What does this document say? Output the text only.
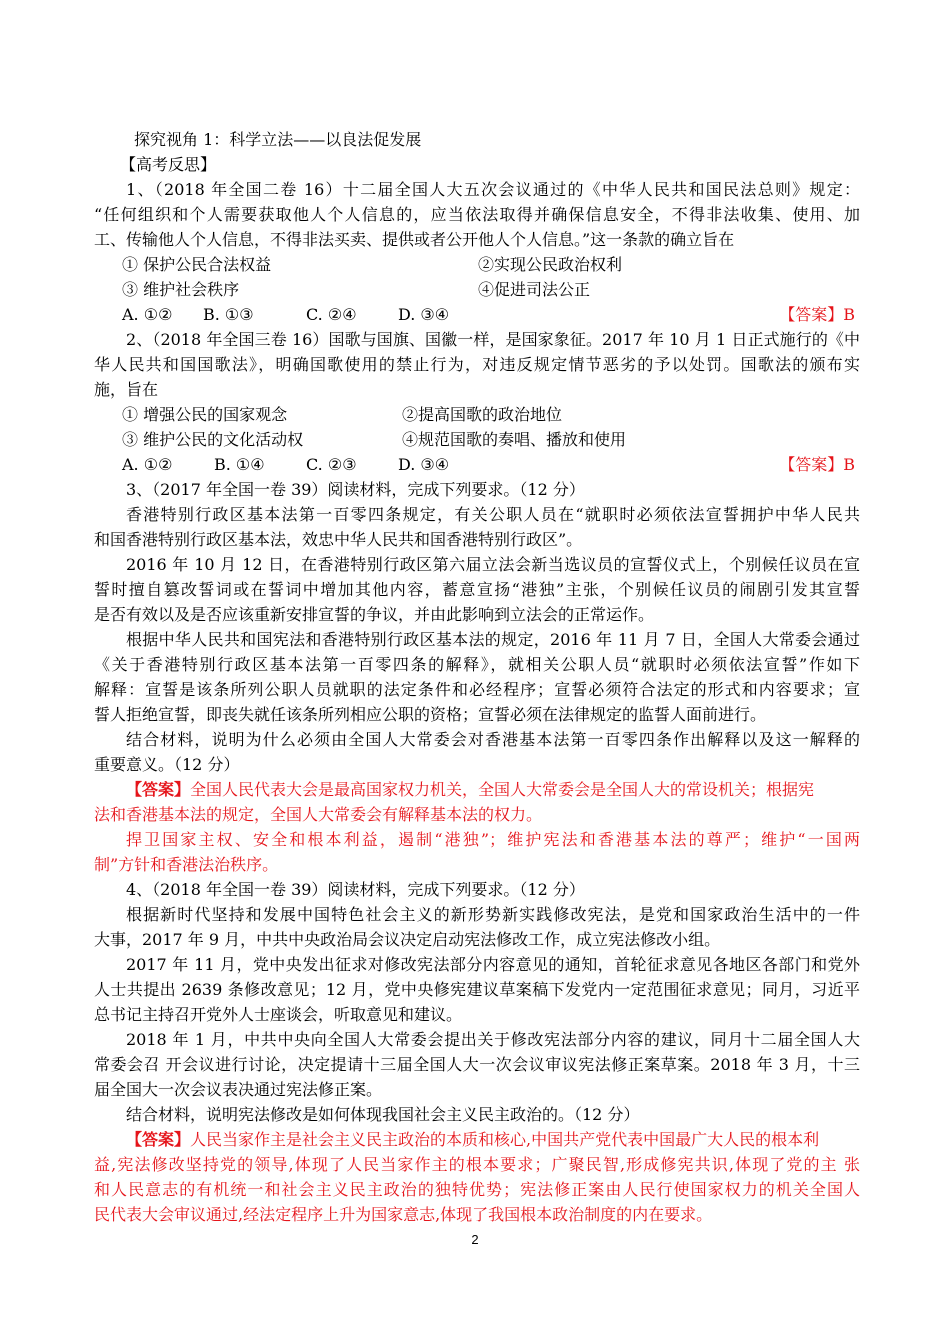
探究视角 1：科学立法——以良法促发展
【高考反思】
1、（2018 年全国二卷 16）十二届全国人大五次会议通过的《中华人民共和国民法总则》规定：
“任何组织和个人需要获取他人个人信息的，应当依法取得并确保信息安全，不得非法收集、使用、加
工、传输他人个人信息，不得非法买卖、提供或者公开他人个人信息。”这一条款的确立旨在
① 保护公民合法权益	②实现公民政治权利
③ 维护社会秩序	④促进司法公正
A. ①② B. ①③	C. ②④	D. ③④	【答案】B
2、（2018 年全国三卷 16）国歌与国旗、国徽一样，是国家象征。2017 年 10 月 1 日正式施行的《中
华人民共和国国歌法》，明确国歌使用的禁止行为，对违反规定情节恶劣的予以处罚。国歌法的颁布实
施，旨在
① 增强公民的国家观念	②提高国歌的政治地位
③ 维护公民的文化活动权	④规范国歌的奏唱、播放和使用
A. ①②	B. ①④	C. ②③	D. ③④	【答案】B
3、（2017 年全国一卷 39）阅读材料，完成下列要求。（12 分）
香港特别行政区基本法第一百零四条规定，有关公职人员在“就职时必须依法宣誓拥护中华人民共
和国香港特别行政区基本法，效忠中华人民共和国香港特别行政区”。
2016 年 10 月 12 日，在香港特别行政区第六届立法会新当选议员的宣誓仪式上，个别候任议员在宣
誓时擅自篡改誓词或在誓词中增加其他内容，蓄意宣扬“港独”主张，个别候任议员的闹剧引发其宣誓
是否有效以及是否应该重新安排宣誓的争议，并由此影响到立法会的正常运作。
根据中华人民共和国宪法和香港特别行政区基本法的规定，2016 年 11 月 7 日，全国人大常委会通过
《关于香港特别行政区基本法第一百零四条的解释》，就相关公职人员“就职时必须依法宣誓”作如下
解释：宣誓是该条所列公职人员就职的法定条件和必经程序；宣誓必须符合法定的形式和内容要求；宣
誓人拒绝宣誓，即丧失就任该条所列相应公职的资格；宣誓必须在法律规定的监誓人面前进行。
结合材料，说明为什么必须由全国人大常委会对香港基本法第一百零四条作出解释以及这一解释的
重要意义。（12 分）
【答案】全国人民代表大会是最高国家权力机关，全国人大常委会是全国人大的常设机关；根据宪
法和香港基本法的规定，全国人大常委会有解释基本法的权力。
捍卫国家主权、安全和根本利益，遏制“港独”；维护宪法和香港基本法的尊严；维护“一国两
制”方针和香港法治秩序。
4、（2018 年全国一卷 39）阅读材料，完成下列要求。（12 分）
根据新时代坚持和发展中国特色社会主义的新形势新实践修改宪法，是党和国家政治生活中的一件
大事，2017 年 9 月，中共中央政治局会议决定启动宪法修改工作，成立宪法修改小组。
2017 年 11 月，党中央发出征求对修改宪法部分内容意见的通知，首轮征求意见各地区各部门和党外
人士共提出 2639 条修改意见；12 月，党中央修宪建议草案稿下发党内一定范围征求意见；同月，习近平
总书记主持召开党外人士座谈会，听取意见和建议。
2018 年 1 月，中共中央向全国人大常委会提出关于修改宪法部分内容的建议，同月十二届全国人大
常委会召 开会议进行讨论，决定提请十三届全国人大一次会议审议宪法修正案草案。2018 年 3 月，十三
届全国大一次会议表决通过宪法修正案。
结合材料，说明宪法修改是如何体现我国社会主义民主政治的。（12 分）
【答案】人民当家作主是社会主义民主政治的本质和核心,中国共产党代表中国最广大人民的根本利
益,宪法修改坚持党的领导,体现了人民当家作主的根本要求；广聚民智,形成修宪共识,体现了党的主 张
和人民意志的有机统一和社会主义民主政治的独特优势；宪法修正案由人民行使国家权力的机关全国人
民代表大会审议通过,经法定程序上升为国家意志,体现了我国根本政治制度的内在要求。
2
